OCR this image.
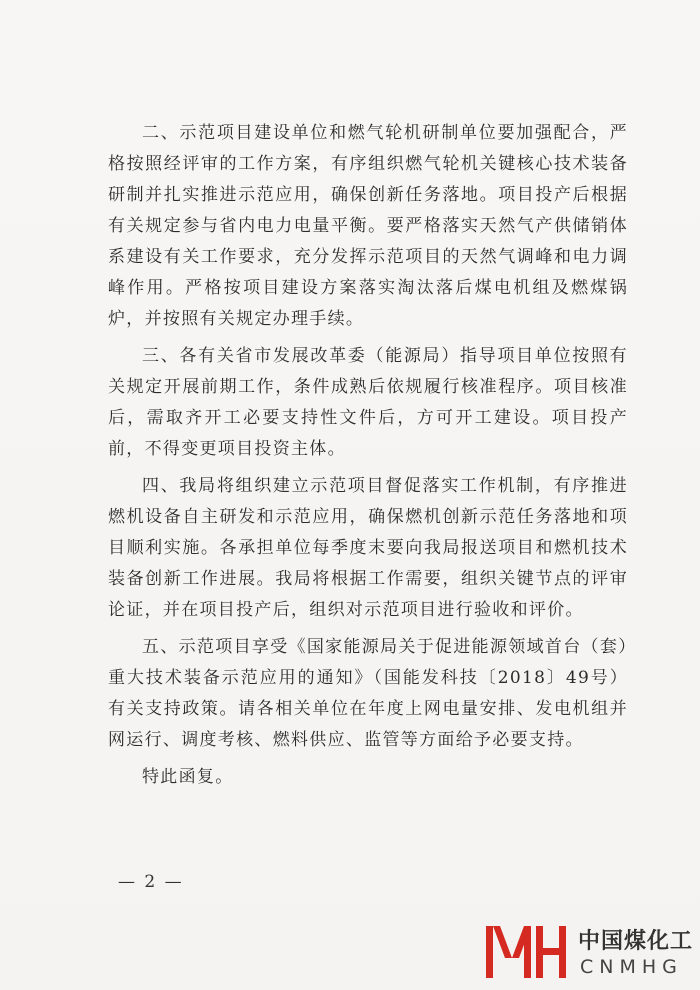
二、示范项目建设单位和燃气轮机研制单位要加强配合，严格按照经评审的工作方案，有序组织燃气轮机关键核心技术装备研制并扎实推进示范应用，确保创新任务落地。项目投产后根据有关规定参与省内电力电量平衡。要严格落实天然气产供储销体系建设有关工作要求，充分发挥示范项目的天然气调峰和电力调峰作用。严格按项目建设方案落实淘汰落后煤电机组及燃煤锅炉，并按照有关规定办理手续。

三、各有关省市发展改革委（能源局）指导项目单位按照有关规定开展前期工作，条件成熟后依规履行核准程序。项目核准后，需取齐开工必要支持性文件后，方可开工建设。项目投产前，不得变更项目投资主体。

四、我局将组织建立示范项目督促落实工作机制，有序推进燃机设备自主研发和示范应用，确保燃机创新示范任务落地和项目顺利实施。各承担单位每季度末要向我局报送项目和燃机技术装备创新工作进展。我局将根据工作需要，组织关键节点的评审论证，并在项目投产后，组织对示范项目进行验收和评价。

五、示范项目享受《国家能源局关于促进能源领域首台（套）重大技术装备示范应用的通知》（国能发科技〔2018〕49号）有关支持政策。请各相关单位在年度上网电量安排、发电机组并网运行、调度考核、燃料供应、监管等方面给予必要支持。

特此函复。

— 2 —
中国煤化工
CNMHG
